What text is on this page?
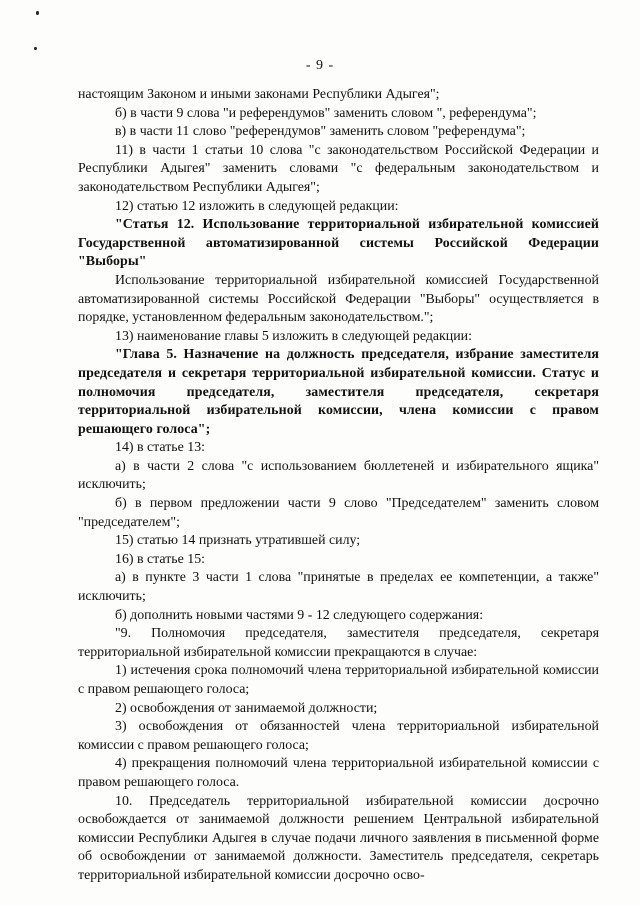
- 9 -

настоящим Законом и иными законами Республики Адыгея";

б) в части 9 слова "и референдумов" заменить словом ", референдума";

в) в части 11 слово "референдумов" заменить словом "референдума";

11) в части 1 статьи 10 слова "с законодательством Российской Федерации и Республики Адыгея" заменить словами "с федеральным законодательством и законодательством Республики Адыгея";

12) статью 12 изложить в следующей редакции:

"Статья 12. Использование территориальной избирательной комиссией Государственной автоматизированной системы Российской Федерации "Выборы"

Использование территориальной избирательной комиссией Государственной автоматизированной системы Российской Федерации "Выборы" осуществляется в порядке, установленном федеральным законодательством.";

13) наименование главы 5 изложить в следующей редакции:

"Глава 5. Назначение на должность председателя, избрание заместителя председателя и секретаря территориальной избирательной комиссии. Статус и полномочия председателя, заместителя председателя, секретаря территориальной избирательной комиссии, члена комиссии с правом решающего голоса";

14) в статье 13:

а) в части 2 слова "с использованием бюллетеней и избирательного ящика" исключить;

б) в первом предложении части 9 слово "Председателем" заменить словом "председателем";

15) статью 14 признать утратившей силу;

16) в статье 15:

а) в пункте 3 части 1 слова "принятые в пределах ее компетенции, а также" исключить;

б) дополнить новыми частями 9 - 12 следующего содержания:

"9. Полномочия председателя, заместителя председателя, секретаря территориальной избирательной комиссии прекращаются в случае:

1) истечения срока полномочий члена территориальной избирательной комиссии с правом решающего голоса;

2) освобождения от занимаемой должности;

3) освобождения от обязанностей члена территориальной избирательной комиссии с правом решающего голоса;

4) прекращения полномочий члена территориальной избирательной комиссии с правом решающего голоса.

10. Председатель территориальной избирательной комиссии досрочно освобождается от занимаемой должности решением Центральной избирательной комиссии Республики Адыгея в случае подачи личного заявления в письменной форме об освобождении от занимаемой должности. Заместитель председателя, секретарь территориальной избирательной комиссии досрочно осво-
